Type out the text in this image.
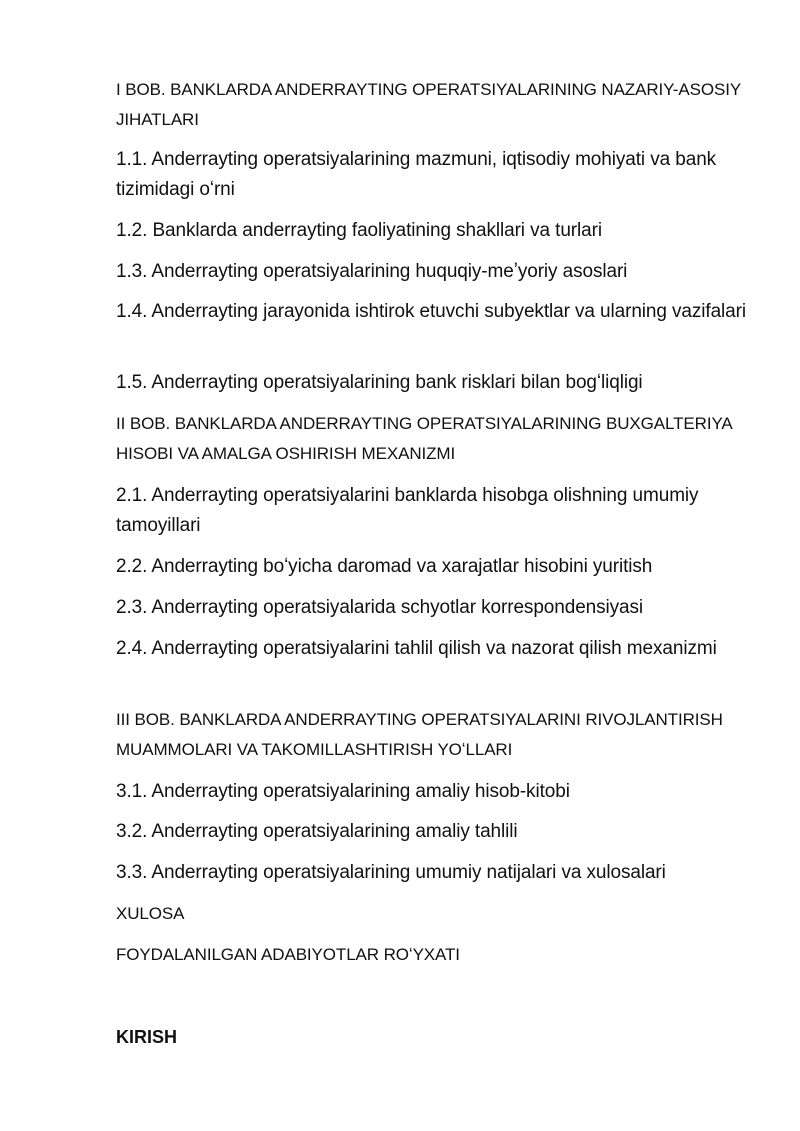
I BOB. BANKLARDA ANDERRAYTING OPERATSIYALARINING NAZARIY-ASOSIY JIHATLARI

1.1. Anderrayting operatsiyalarining mazmuni, iqtisodiy mohiyati va bank tizimidagi oʻrni

1.2. Banklarda anderrayting faoliyatining shakllari va turlari

1.3. Anderrayting operatsiyalarining huquqiy-meʼyoriy asoslari

1.4. Anderrayting jarayonida ishtirok etuvchi subyektlar va ularning vazifalari

1.5. Anderrayting operatsiyalarining bank risklari bilan bogʻliqligi

II BOB. BANKLARDA ANDERRAYTING OPERATSIYALARINING BUXGALTERIYA HISOBI VA AMALGA OSHIRISH MEXANIZMI

2.1. Anderrayting operatsiyalarini banklarda hisobga olishning umumiy tamoyillari

2.2. Anderrayting boʻyicha daromad va xarajatlar hisobini yuritish

2.3. Anderrayting operatsiyalarida schyotlar korrespondensiyasi

2.4. Anderrayting operatsiyalarini tahlil qilish va nazorat qilish mexanizmi

III BOB. BANKLARDA ANDERRAYTING OPERATSIYALARINI RIVOJLANTIRISH MUAMMOLARI VA TAKOMILLASHTIRISH YOʻLLARI

3.1. Anderrayting operatsiyalarining amaliy hisob-kitobi

3.2. Anderrayting operatsiyalarining amaliy tahlili

3.3. Anderrayting operatsiyalarining umumiy natijalari va xulosalari

XULOSA

FOYDALANILGAN ADABIYOTLAR ROʻYXATI

KIRISH
